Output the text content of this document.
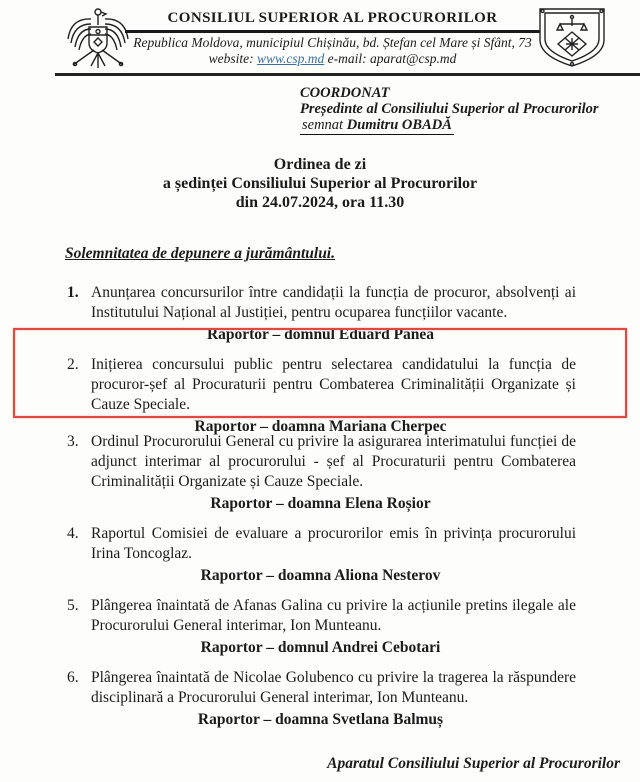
CONSILIUL SUPERIOR AL PROCURORILOR
Republica Moldova, municipiul Chișinău, bd. Ștefan cel Mare și Sfânt, 73
website: www.csp.md e-mail: aparat@csp.md
COORDONAT
Președinte al Consiliului Superior al Procurorilor
semnat Dumitru OBADĂ
Ordinea de zi
a ședinței Consiliului Superior al Procurorilor
din 24.07.2024, ora 11.30
Solemnitatea de depunere a jurământului.
1. Anunțarea concursurilor între candidații la funcția de procuror, absolvenți ai Institutului Național al Justiției, pentru ocuparea funcțiilor vacante.
Raportor – domnul Eduard Panea
2. Inițierea concursului public pentru selectarea candidatului la funcția de procuror-șef al Procuraturii pentru Combaterea Criminalității Organizate și Cauze Speciale.
Raportor – doamna Mariana Cherpec
3. Ordinul Procurorului General cu privire la asigurarea interimatului funcției de adjunct interimar al procurorului - șef al Procuraturii pentru Combaterea Criminalității Organizate și Cauze Speciale.
Raportor – doamna Elena Roșior
4. Raportul Comisiei de evaluare a procurorilor emis în privința procurorului Irina Toncoglaz.
Raportor – doamna Aliona Nesterov
5. Plângerea înaintată de Afanas Galina cu privire la acțiunile pretins ilegale ale Procurorului General interimar, Ion Munteanu.
Raportor – domnul Andrei Cebotari
6. Plângerea înaintată de Nicolae Golubenco cu privire la tragerea la răspundere disciplinară a Procurorului General interimar, Ion Munteanu.
Raportor – doamna Svetlana Balmuș
Aparatul Consiliului Superior al Procurorilor
